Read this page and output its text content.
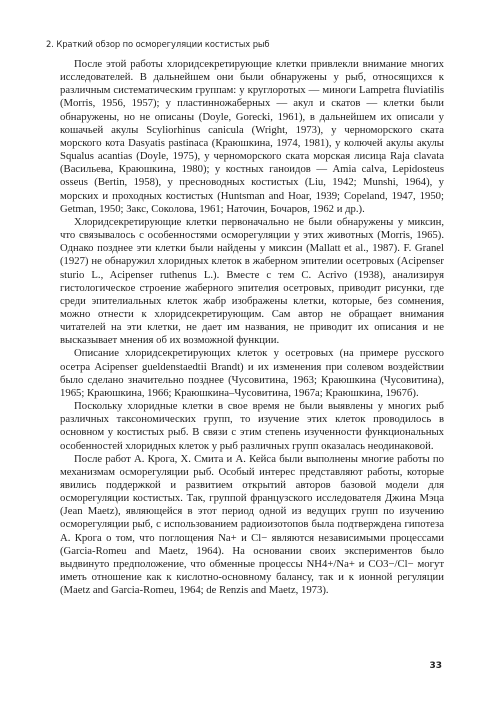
2. Краткий обзор по осморегуляции костистых рыб

После этой работы хлоридсекретирующие клетки привлекли внимание многих исследователей. В дальнейшем они были обнаружены у рыб, относящихся к различным систематическим группам: у круглоротых — миноги Lampetra fluviatilis (Morris, 1956, 1957); у пластинножаберных — акул и скатов — клетки были обнаружены, но не описаны (Doyle, Gorecki, 1961), в дальнейшем их описали у кошачьей акулы Scyliorhinus canicula (Wright, 1973), у черноморского ската морского кота Dasyatis pastinaca (Краюшкина, 1974, 1981), у колючей акулы акулы Squalus acantias (Doyle, 1975), у черноморского ската морская лисица Raja clavata (Васильева, Краюшкина, 1980); у костных ганоидов — Amia calva, Lepidosteus osseus (Bertin, 1958), у пресноводных костистых (Liu, 1942; Munshi, 1964), у морских и проходных костистых (Huntsman and Hoar, 1939; Copeland, 1947, 1950; Getman, 1950; Закс, Соколова, 1961; Наточин, Бочаров, 1962 и др.).

Хлоридсекретирующие клетки первоначально не были обнаружены у миксин, что связывалось с особенностями осморегуляции у этих животных (Morris, 1965). Однако позднее эти клетки были найдены у миксин (Mallatt et al., 1987). F. Granel (1927) не обнаружил хлоридных клеток в жаберном эпителии осетровых (Acipenser sturio L., Acipenser ruthenus L.). Вместе с тем C. Acrivo (1938), анализируя гистологическое строение жаберного эпителия осетровых, приводит рисунки, где среди эпителиальных клеток жабр изображены клетки, которые, без сомнения, можно отнести к хлоридсекретирующим. Сам автор не обращает внимания читателей на эти клетки, не дает им названия, не приводит их описания и не высказывает мнения об их возможной функции.

Описание хлоридсекретирующих клеток у осетровых (на примере русского осетра Acipenser gueldenstaedtii Brandt) и их изменения при солевом воздействии было сделано значительно позднее (Чусовитина, 1963; Краюшкина (Чусовитина), 1965; Краюшкина, 1966; Краюшкина–Чусовитина, 1967а; Краюшкина, 1967б).

Поскольку хлоридные клетки в свое время не были выявлены у многих рыб различных таксономических групп, то изучение этих клеток проводилось в основном у костистых рыб. В связи с этим степень изученности функциональных особенностей хлоридных клеток у рыб различных групп оказалась неодинаковой.

После работ А. Крога, Х. Смита и А. Кейса были выполнены многие работы по механизмам осморегуляции рыб. Особый интерес представляют работы, которые явились поддержкой и развитием открытий авторов базовой модели для осморегуляции костистых. Так, группой французского исследователя Джина Мэца (Jean Maetz), являющейся в этот период одной из ведущих групп по изучению осморегуляции рыб, с использованием радиоизотопов была подтверждена гипотеза А. Крога о том, что поглощения Na+ и Cl− являются независимыми процессами (Garcia-Romeu and Maetz, 1964). На основании своих экспериментов было выдвинуто предположение, что обменные процессы NH4+/Na+ и CO3−/Cl− могут иметь отношение как к кислотно-основному балансу, так и к ионной регуляции (Maetz and Garcia-Romeu, 1964; de Renzis and Maetz, 1973).

33
